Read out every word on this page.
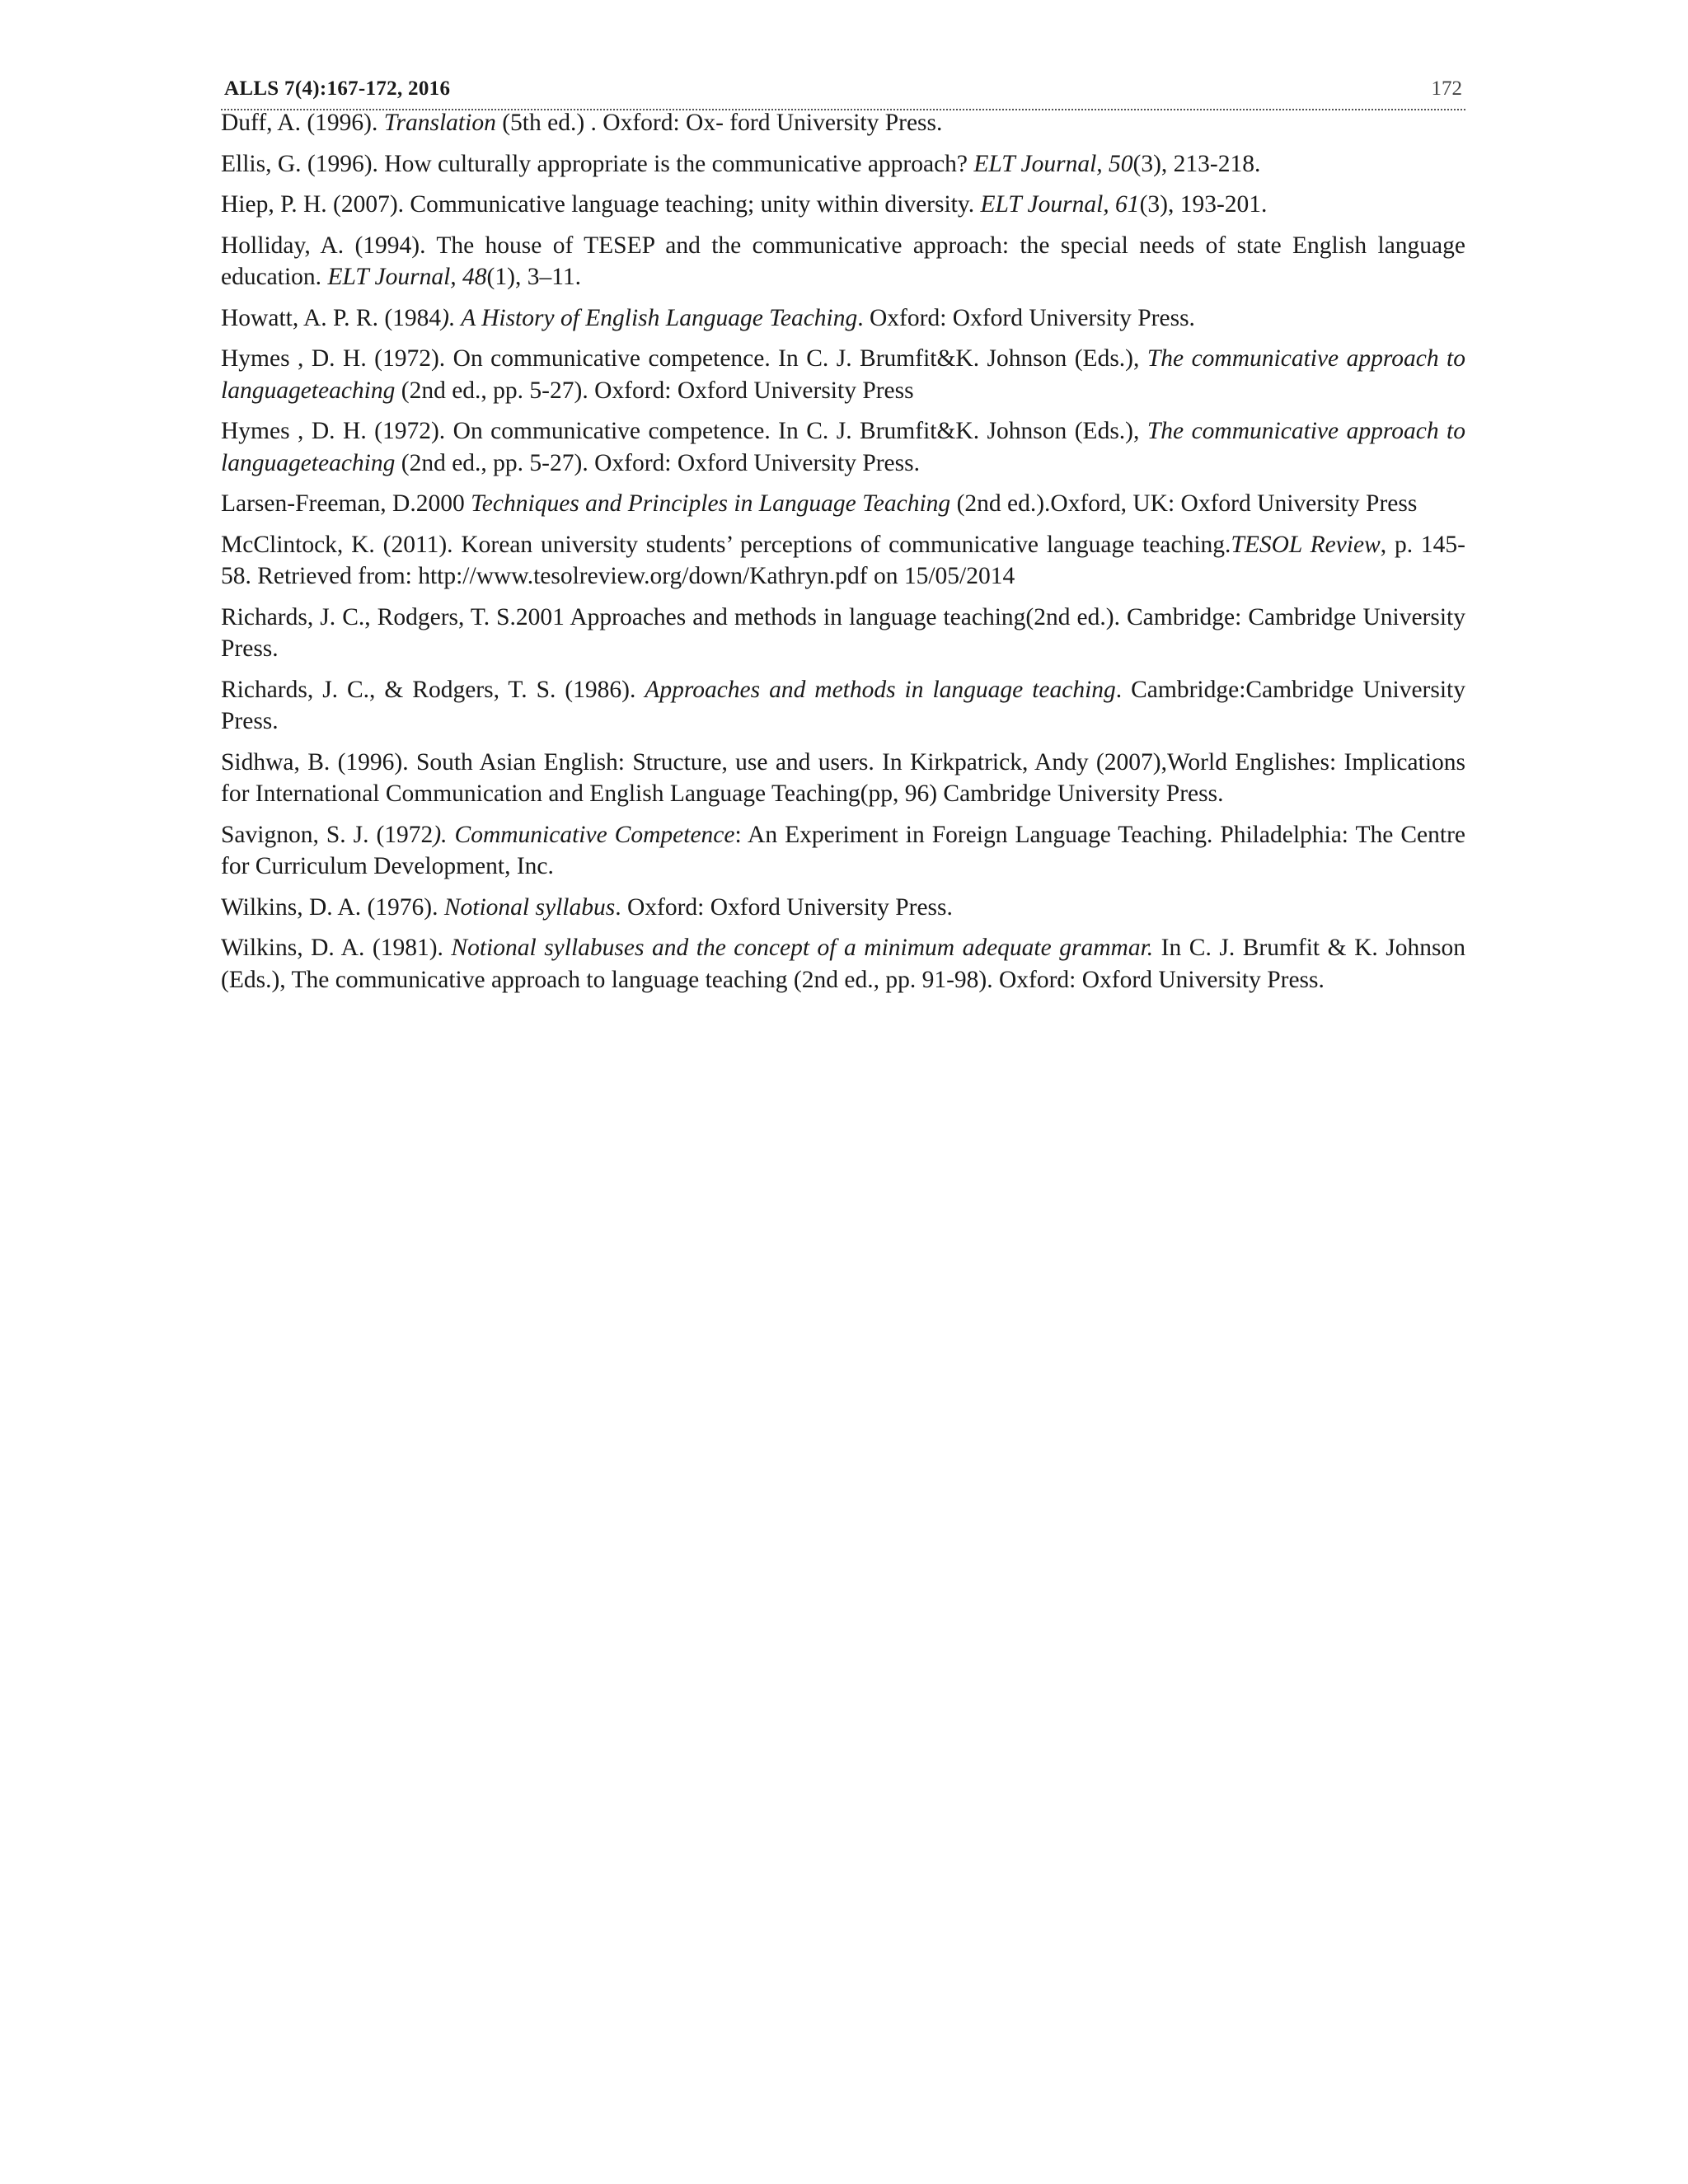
ALLS 7(4):167-172, 2016	172

Duff, A. (1996). Translation (5th ed.) . Oxford: Ox- ford University Press.

Ellis, G. (1996). How culturally appropriate is the communicative approach? ELT Journal, 50(3), 213-218.

Hiep, P. H. (2007). Communicative language teaching; unity within diversity. ELT Journal, 61(3), 193-201.

Holliday, A. (1994). The house of TESEP and the communicative approach: the special needs of state English language education. ELT Journal, 48(1), 3–11.

Howatt, A. P. R. (1984). A History of English Language Teaching. Oxford: Oxford University Press.

Hymes , D. H. (1972). On communicative competence. In C. J. Brumfit&K. Johnson (Eds.), The communicative approach to languageteaching (2nd ed., pp. 5-27). Oxford: Oxford University Press

Hymes , D. H. (1972). On communicative competence. In C. J. Brumfit&K. Johnson (Eds.), The communicative approach to languageteaching (2nd ed., pp. 5-27). Oxford: Oxford University Press.

Larsen-Freeman, D.2000 Techniques and Principles in Language Teaching (2nd ed.).Oxford, UK: Oxford University Press

McClintock, K. (2011). Korean university students’ perceptions of communicative language teaching.TESOL Review, p. 145-58. Retrieved from: http://www.tesolreview.org/down/Kathryn.pdf on 15/05/2014

Richards, J. C., Rodgers, T. S.2001 Approaches and methods in language teaching(2nd ed.). Cambridge: Cambridge University Press.

Richards, J. C., & Rodgers, T. S. (1986). Approaches and methods in language teaching. Cambridge:Cambridge University Press.

Sidhwa, B. (1996). South Asian English: Structure, use and users. In Kirkpatrick, Andy (2007),World Englishes: Implications for International Communication and English Language Teaching(pp, 96) Cambridge University Press.

Savignon, S. J. (1972). Communicative Competence: An Experiment in Foreign Language Teaching. Philadelphia: The Centre for Curriculum Development, Inc.

Wilkins, D. A. (1976). Notional syllabus. Oxford: Oxford University Press.

Wilkins, D. A. (1981). Notional syllabuses and the concept of a minimum adequate grammar. In C. J. Brumfit & K. Johnson (Eds.), The communicative approach to language teaching (2nd ed., pp. 91-98). Oxford: Oxford University Press.
